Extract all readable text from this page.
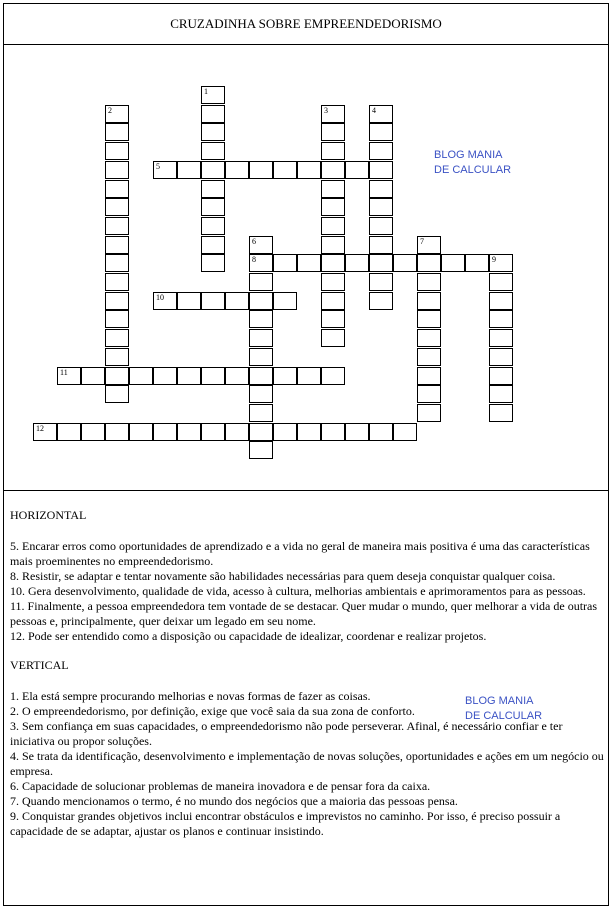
CRUZADINHA SOBRE EMPREENDEDORISMO
BLOG MANIA
DE CALCULAR
1
2	3	4
5
6
8
7
9
10
11
12
BLOG MANIA
DE CALCULAR

HORIZONTAL

5. Encarar erros como oportunidades de aprendizado e a vida no geral de maneira mais positiva é uma das características mais proeminentes no empreendedorismo.

8. Resistir, se adaptar e tentar novamente são habilidades necessárias para quem deseja conquistar qualquer coisa.

10. Gera desenvolvimento, qualidade de vida, acesso à cultura, melhorias ambientais e aprimoramentos para as pessoas.

11. Finalmente, a pessoa empreendedora tem vontade de se destacar. Quer mudar o mundo, quer melhorar a vida de outras pessoas e, principalmente, quer deixar um legado em seu nome.

12. Pode ser entendido como a disposição ou capacidade de idealizar, coordenar e realizar projetos.

VERTICAL

1. Ela está sempre procurando melhorias e novas formas de fazer as coisas.

2. O empreendedorismo, por definição, exige que você saia da sua zona de conforto.

3. Sem confiança em suas capacidades, o empreendedorismo não pode perseverar. Afinal, é necessário confiar e ter iniciativa ou propor soluções.

4. Se trata da identificação, desenvolvimento e implementação de novas soluções, oportunidades e ações em um negócio ou empresa.

6. Capacidade de solucionar problemas de maneira inovadora e de pensar fora da caixa.

7. Quando mencionamos o termo, é no mundo dos negócios que a maioria das pessoas pensa.

9. Conquistar grandes objetivos inclui encontrar obstáculos e imprevistos no caminho. Por isso, é preciso possuir a capacidade de se adaptar, ajustar os planos e continuar insistindo.
